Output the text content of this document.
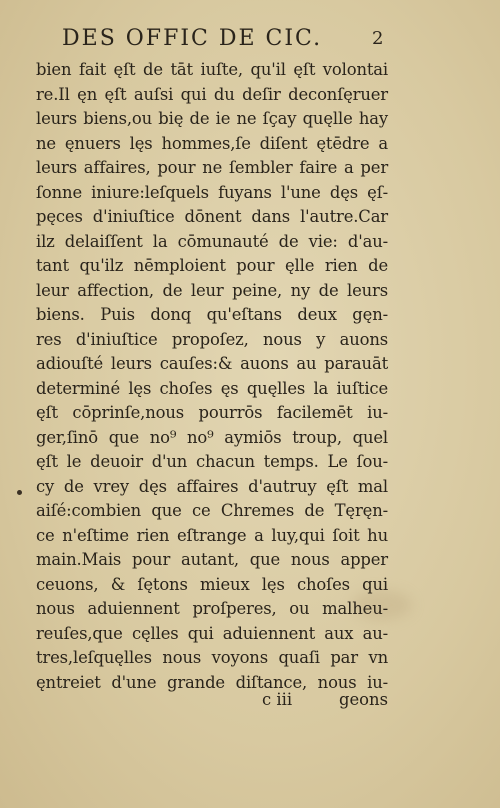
DES OFFIC DE CIC.	2
bien fait ęſt de tāt iuſte, qu'il ęſt volontai
re.Il ęn ęſt auſsi qui du deſir deconſęruer
leurs biens,ou bię de ie ne ſçay quęlle hay
ne ęnuers lęs hommes,ſe diſent ętēdre a
leurs affaires, pour ne ſembler faire a per
ſonne iniure:leſquels fuyans l'une dęs ęſ-
pęces d'iniuſtice dōnent dans l'autre.Car
ilz delaiſſent la cōmunauté de vie: d'au-
tant qu'ilz nēmploient pour ęlle rien de
leur affection, de leur peine, ny de leurs
biens. Puis donq qu'eſtans deux gęn-
res d'iniuſtice propoſez, nous y auons
adiouſté leurs cauſes:& auons au parauāt
determiné lęs choſes ęs quęlles la iuſtice
ęſt cōprinſe,nous pourrōs facilemēt iu-
ger,ſinō que no⁹ no⁹ aymiōs troup, quel
ęſt le deuoir d'un chacun temps. Le ſou-
cy de vrey dęs affaires d'autruy ęſt mal
aiſé:combien que ce Chremes de Tęręn-
ce n'eſtime rien eſtrange a luy,qui ſoit hu
main.Mais pour autant, que nous apper
ceuons, & ſętons mieux lęs choſes qui
nous aduiennent proſperes, ou malheu-
reuſes,que cęlles qui aduiennent aux au-
tres,leſquęlles nous voyons quaſi par vn
ęntreiet d'une grande diſtance, nous iu-
c iii	geons
